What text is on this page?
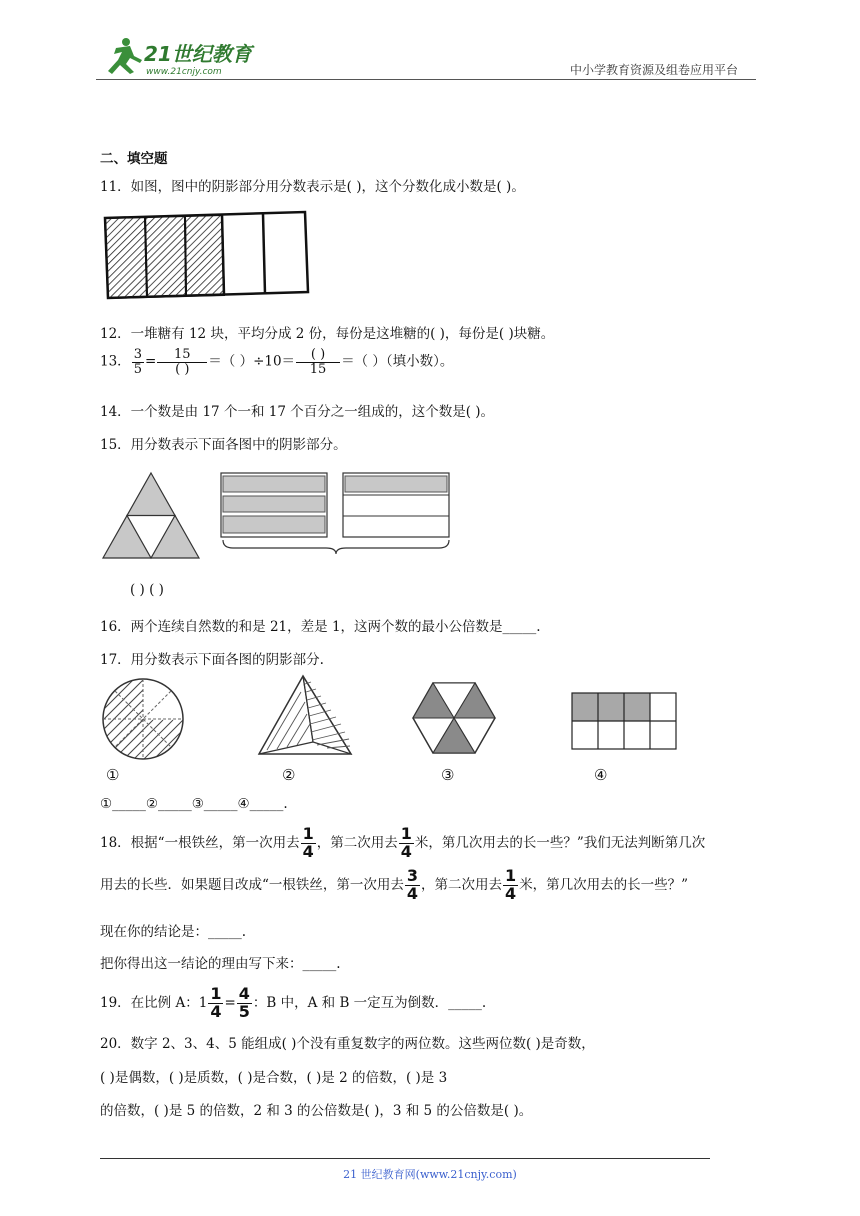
21世纪教育
www.21cnjy.com	中小学教育资源及组卷应用平台
二、填空题
11．如图，图中的阴影部分用分数表示是( )，这个分数化成小数是( )。
12．一堆糖有 12 块，平均分成 2 份，每份是这堆糖的( )，每份是( )块糖。
13． $\frac{3}{5} = \frac{15}{( )}$ ＝（ ）$\div 10= \frac{( )}{15}$ ＝（ ）（填小数）。
14．一个数是由 17 个一和 17 个百分之一组成的，这个数是( )。
15．用分数表示下面各图中的阴影部分。
( ) ( )
16．两个连续自然数的和是 21，差是 1，这两个数的最小公倍数是_____.
17．用分数表示下面各图的阴影部分.
①	②	③	④
①_____②_____③_____④_____.
18．根据“一根铁丝，第一次用去 $\frac{1}{4}$ ，第二次用去 $\frac{1}{4}$ 米，第几次用去的长一些？”我们无法判断第几次
用去的长些．如果题目改成“一根铁丝，第一次用去 $\frac{3}{4}$ ，第二次用去 $\frac{1}{4}$ 米，第几次用去的长一些？”
现在你的结论是：_____.
把你得出这一结论的理由写下来：_____.
19．在比例 A：$1 \frac{1}{4} = \frac{4}{5}$ ：B 中，A 和 B 一定互为倒数．_____.
20．数字 2、3、4、5 能组成( )个没有重复数字的两位数。这些两位数( )是奇数，
( )是偶数，( )是质数，( )是合数，( )是 2 的倍数，( )是 3
的倍数，( )是 5 的倍数，2 和 3 的公倍数是( )，3 和 5 的公倍数是( )。
21 世纪教育网(www.21cnjy.com)
